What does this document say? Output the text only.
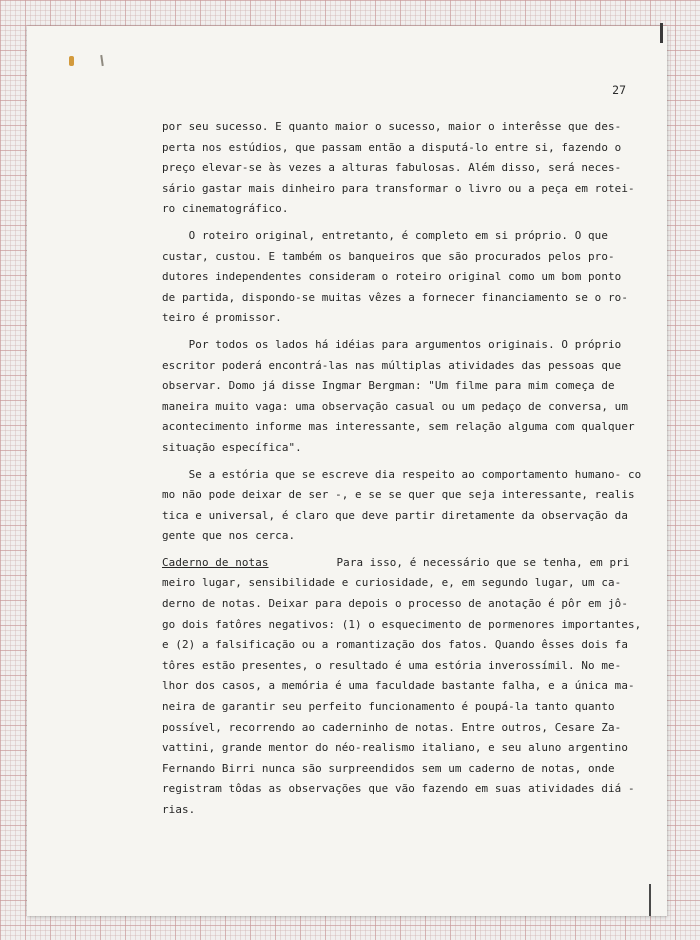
27
por seu sucesso. E quanto maior o sucesso, maior o interêsse que des-
perta nos estúdios, que passam então a disputá-lo entre si, fazendo o
preço elevar-se às vezes a alturas fabulosas. Além disso, será neces-
sário gastar mais dinheiro para transformar o livro ou a peça em rotei-
ro cinematográfico.
O roteiro original, entretanto, é completo em si próprio. O que
custar, custou. E também os banqueiros que são procurados pelos pro-
dutores independentes consideram o roteiro original como um bom ponto
de partida, dispondo-se muitas vêzes a fornecer financiamento se o ro-
teiro é promissor.
Por todos os lados há idéias para argumentos originais. O próprio
escritor poderá encontrá-las nas múltiplas atividades das pessoas que
observar. Domo já disse Ingmar Bergman: "Um filme para mim começa de
maneira muito vaga: uma observação casual ou um pedaço de conversa, um
acontecimento informe mas interessante, sem relação alguma com qualquer
situação específica".
Se a estória que se escreve dia respeito ao comportamento humano- co
mo não pode deixar de ser -, e se se quer que seja interessante, realis
tica e universal, é claro que deve partir diretamente da observação da
gente que nos cerca.
Caderno de notas	Para isso, é necessário que se tenha, em pri
meiro lugar, sensibilidade e curiosidade, e, em segundo lugar, um ca-
derno de notas. Deixar para depois o processo de anotação é pôr em jô-
go dois fatôres negativos: (1) o esquecimento de pormenores importantes,
e (2) a falsificação ou a romantização dos fatos. Quando êsses dois fa
tôres estão presentes, o resultado é uma estória inverossímil. No me-
lhor dos casos, a memória é uma faculdade bastante falha, e a única ma-
neira de garantir seu perfeito funcionamento é poupá-la tanto quanto
possível, recorrendo ao caderninho de notas. Entre outros, Cesare Za-
vattini, grande mentor do néo-realismo italiano, e seu aluno argentino
Fernando Birri nunca são surpreendidos sem um caderno de notas, onde
registram tôdas as observações que vão fazendo em suas atividades diá -
rias.
